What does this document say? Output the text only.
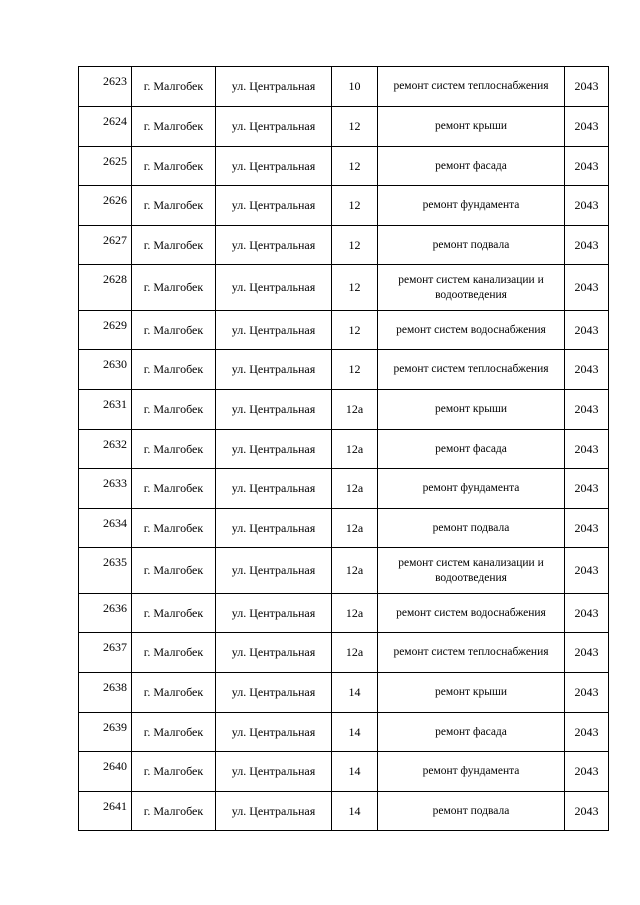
2623	г. Малгобек	ул. Центральная	10	ремонт систем теплоснабжения	2043
2624	г. Малгобек	ул. Центральная	12	ремонт крыши	2043
2625	г. Малгобек	ул. Центральная	12	ремонт фасада	2043
2626	г. Малгобек	ул. Центральная	12	ремонт фундамента	2043
2627	г. Малгобек	ул. Центральная	12	ремонт подвала	2043
2628	г. Малгобек	ул. Центральная	12	ремонт систем канализации и водоотведения	2043
2629	г. Малгобек	ул. Центральная	12	ремонт систем водоснабжения	2043
2630	г. Малгобек	ул. Центральная	12	ремонт систем теплоснабжения	2043
2631	г. Малгобек	ул. Центральная	12а	ремонт крыши	2043
2632	г. Малгобек	ул. Центральная	12а	ремонт фасада	2043
2633	г. Малгобек	ул. Центральная	12а	ремонт фундамента	2043
2634	г. Малгобек	ул. Центральная	12а	ремонт подвала	2043
2635	г. Малгобек	ул. Центральная	12а	ремонт систем канализации и водоотведения	2043
2636	г. Малгобек	ул. Центральная	12а	ремонт систем водоснабжения	2043
2637	г. Малгобек	ул. Центральная	12а	ремонт систем теплоснабжения	2043
2638	г. Малгобек	ул. Центральная	14	ремонт крыши	2043
2639	г. Малгобек	ул. Центральная	14	ремонт фасада	2043
2640	г. Малгобек	ул. Центральная	14	ремонт фундамента	2043
2641	г. Малгобек	ул. Центральная	14	ремонт подвала	2043
